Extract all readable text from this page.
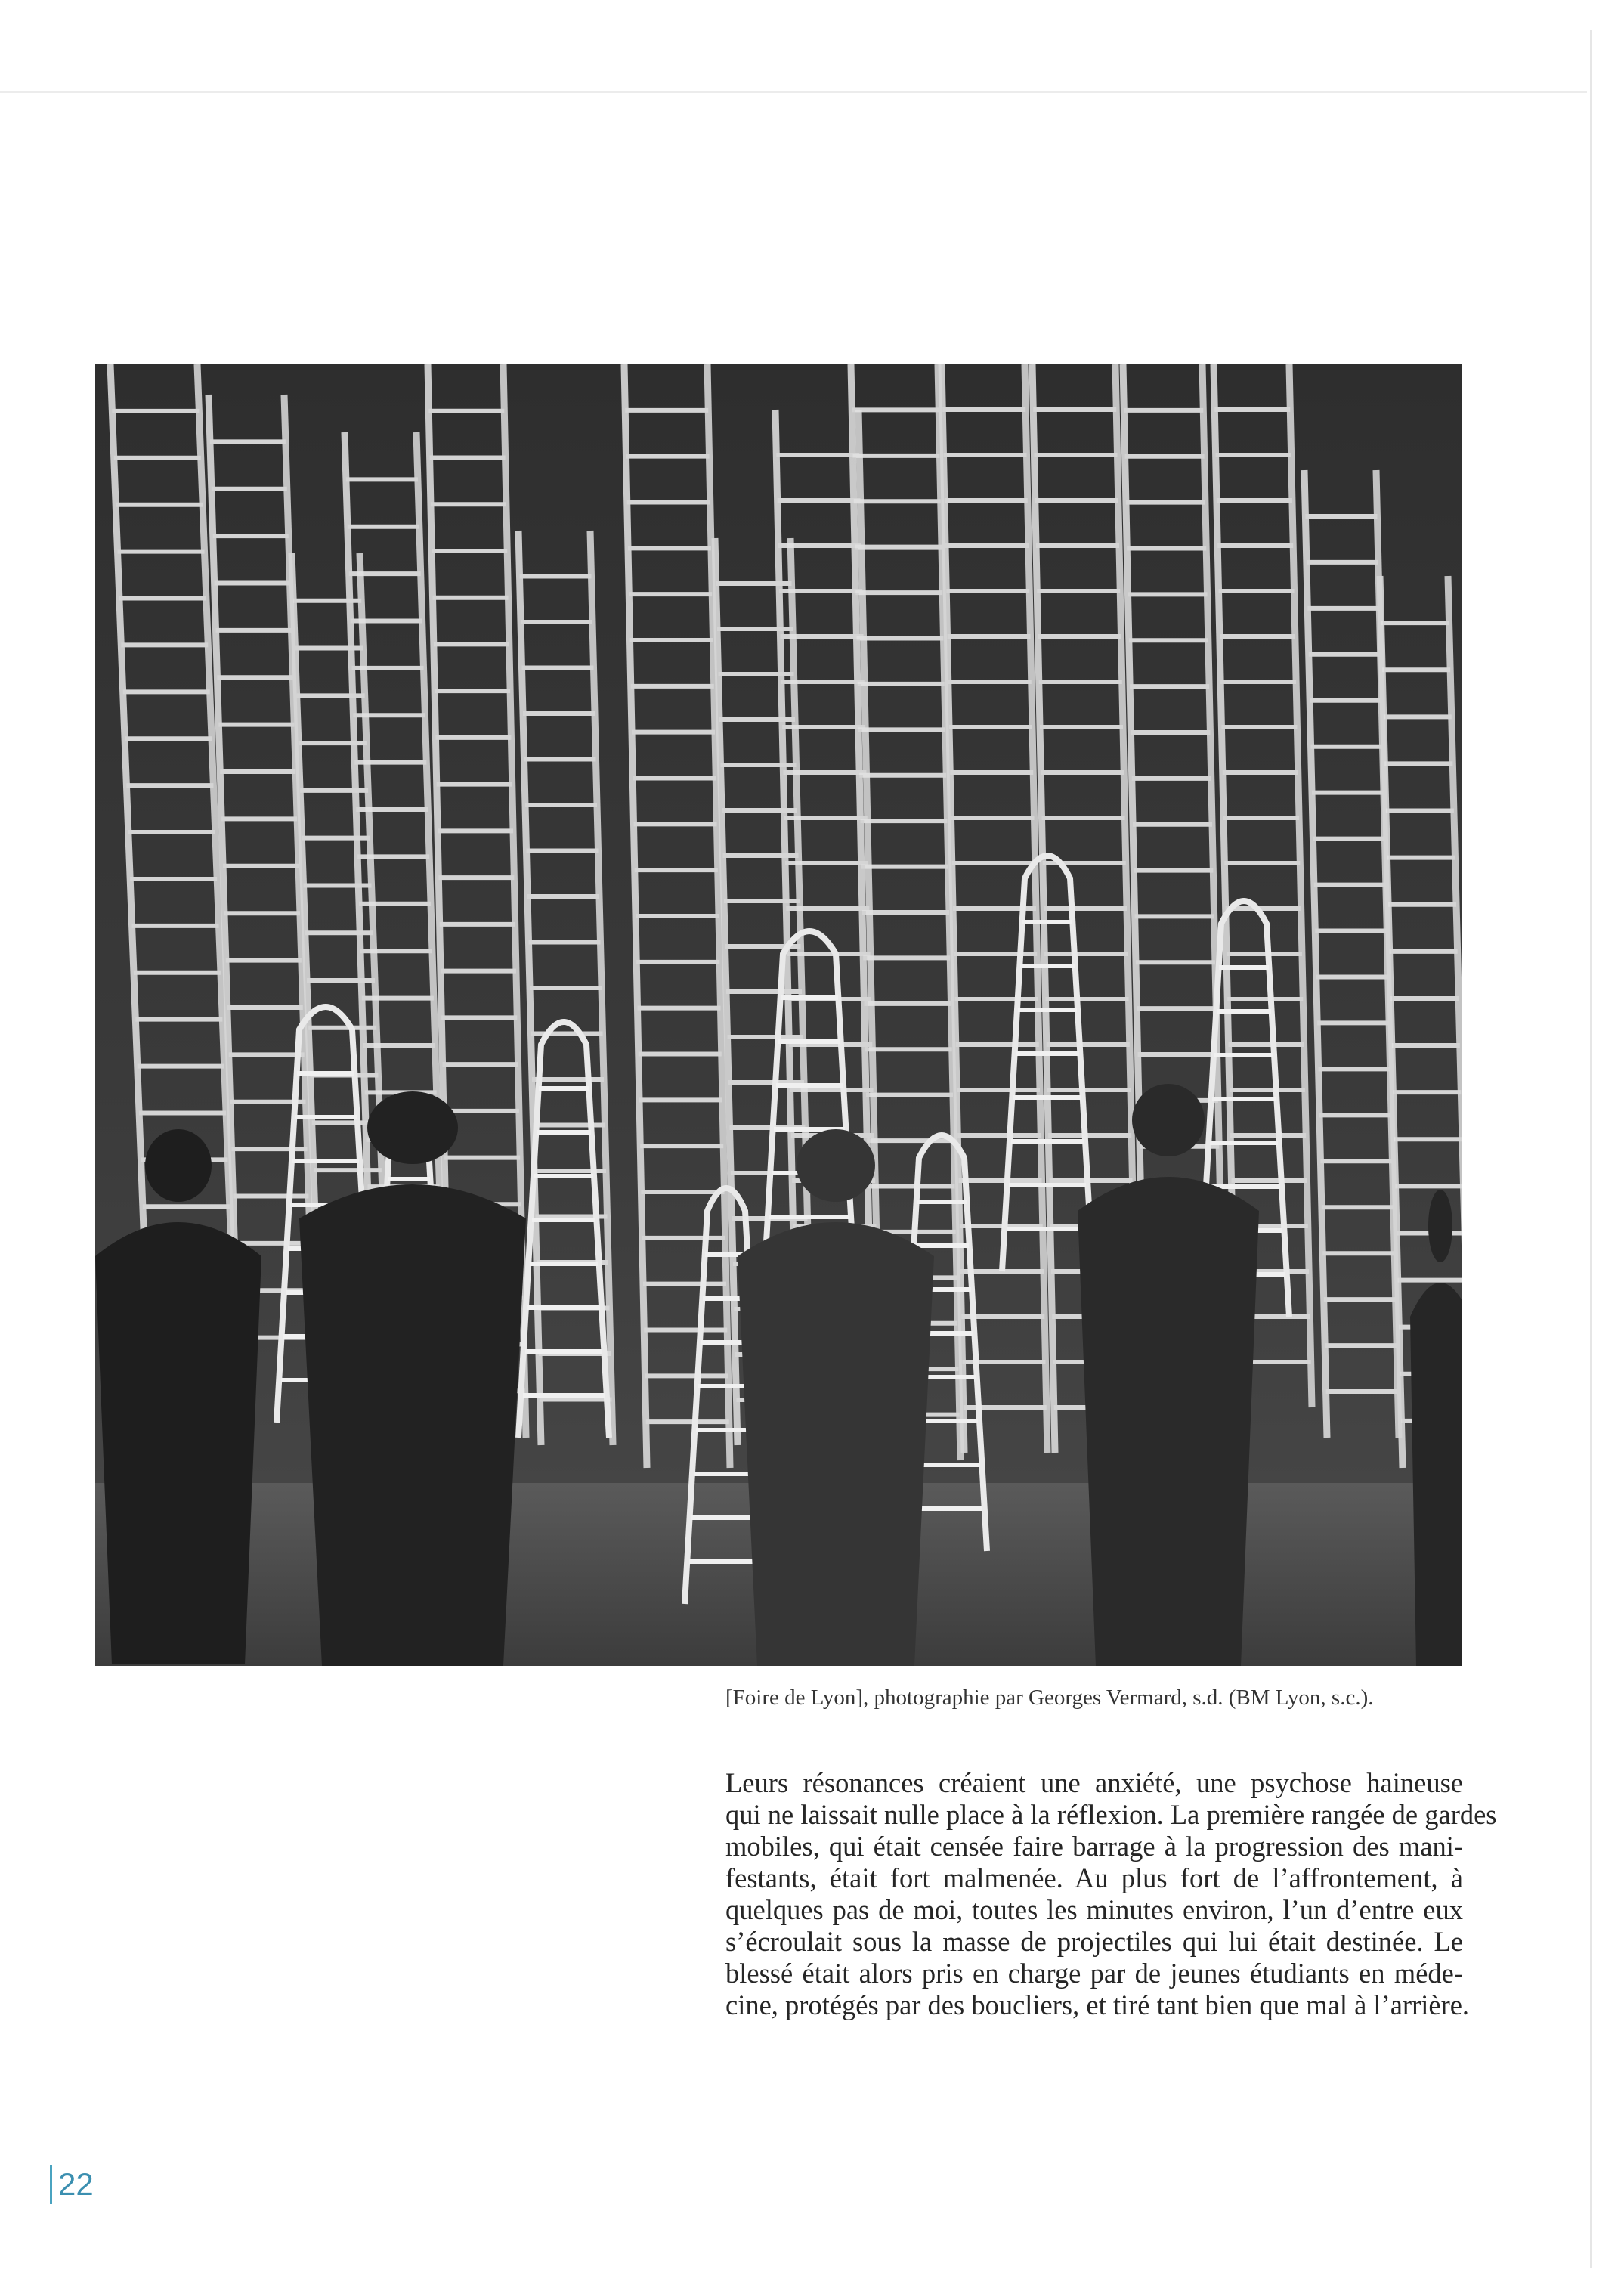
[Foire de Lyon], photographie par Georges Vermard, s.d. (BM Lyon, s.c.).

Leurs résonances créaient une anxiété, une psychose haineuse
qui ne laissait nulle place à la réflexion. La première rangée de gardes
mobiles, qui était censée faire barrage à la progression des mani-
festants, était fort malmenée. Au plus fort de l’affrontement, à
quelques pas de moi, toutes les minutes environ, l’un d’entre eux
s’écroulait sous la masse de projectiles qui lui était destinée. Le
blessé était alors pris en charge par de jeunes étudiants en méde-
cine, protégés par des boucliers, et tiré tant bien que mal à l’arrière.
22
